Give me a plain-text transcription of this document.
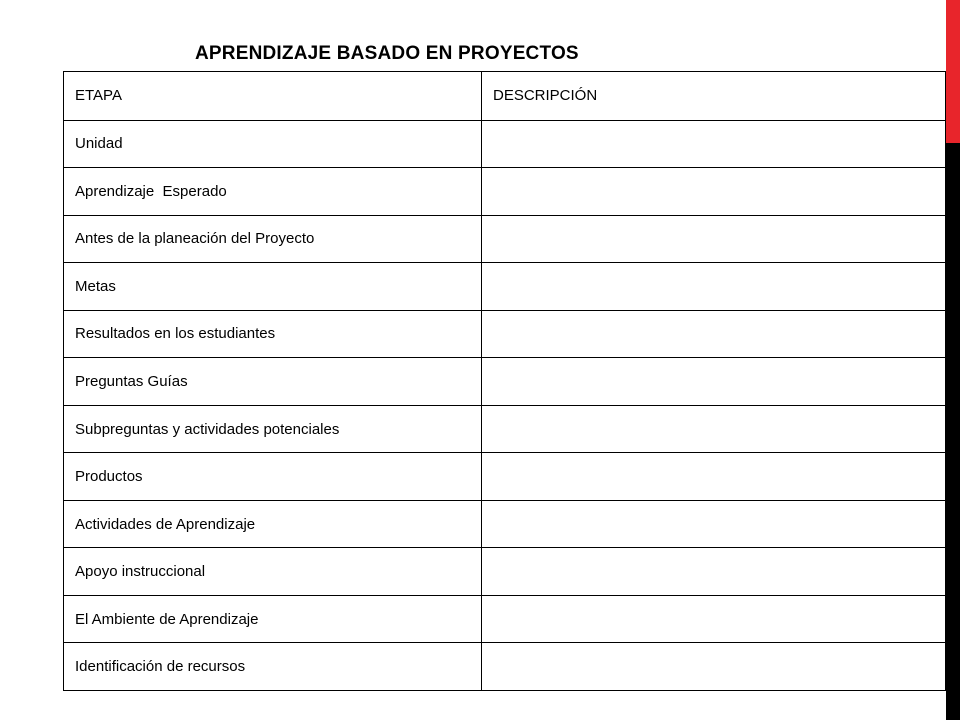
APRENDIZAJE BASADO EN PROYECTOS
ETAPA	DESCRIPCIÓN
Unidad	
Aprendizaje  Esperado	
Antes de la planeación del Proyecto	
Metas	
Resultados en los estudiantes	
Preguntas Guías	
Subpreguntas y actividades potenciales	
Productos	
Actividades de Aprendizaje	
Apoyo instruccional	
El Ambiente de Aprendizaje	
Identificación de recursos	
